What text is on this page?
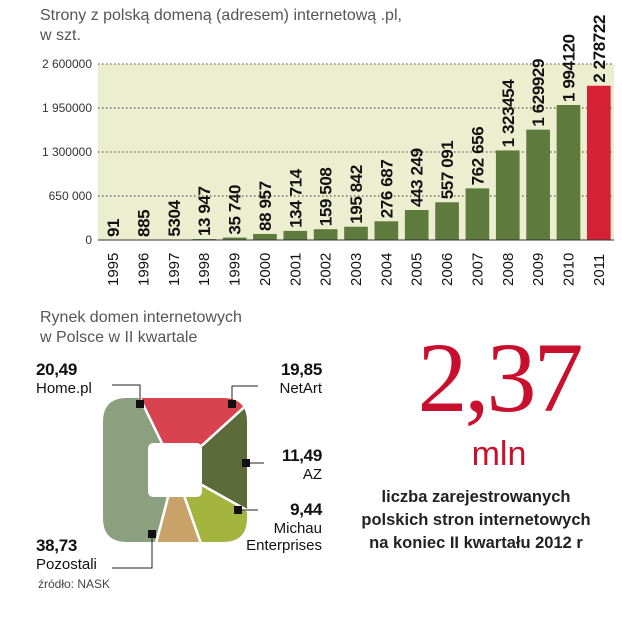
Strony z polską domeną (adresem) internetową .pl,
w szt.
0
650 000
1 300000
1 950000
2 600000
91
1995
885
1996
5304
1997
13 947
1998
35 740
1999
88 957
2000
134 714
2001
159 508
2002
195 842
2003
276 687
2004
443 249
2005
557 091
2006
762 656
2007
1 323454
2008
1 629929
2009
1 994120
2010
2 278722
2011
Rynek domen internetowych
w Polsce w II kwartale
20,49
Home.pl
19,85
NetArt
11,49
AZ
9,44
Michau
Enterprises
38,73
Pozostali
źródło: NASK
2,37
mln
liczba zarejestrowanych
polskich stron internetowych
na koniec II kwartału 2012 r
